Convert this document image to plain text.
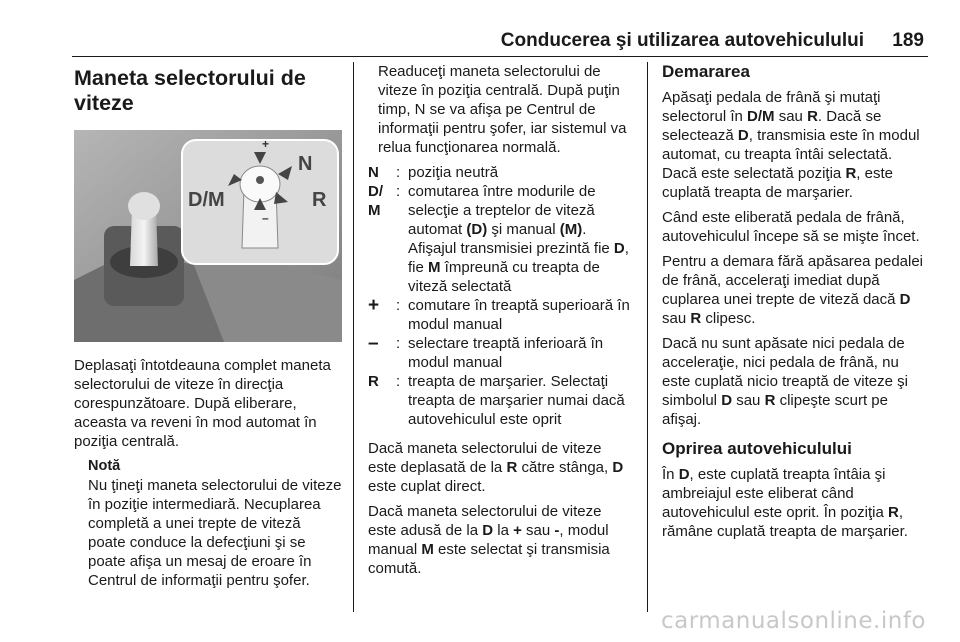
Conducerea şi utilizarea autovehiculului 189
Maneta selectorului de viteze
+
–
D/M
N
R

Deplasaţi întotdeauna complet maneta selectorului de viteze în direcţia corespunzătoare. După eliberare, aceasta va reveni în mod automat în poziţia centrală.

Notă

Nu ţineţi maneta selectorului de viteze în poziţie intermediară. Necuplarea completă a unei trepte de viteză poate conduce la defecţiuni şi se poate afişa un mesaj de eroare în Centrul de informaţii pentru şofer.

Readuceţi maneta selectorului de viteze în poziţia centrală. După puţin timp, N se va afişa pe Centrul de informaţii pentru şofer, iar sistemul va relua funcţionarea normală.

N	: poziţia neutră
D/
M
: comutarea între modurile de selecţie a treptelor de viteză automat (D) şi manual (M). Afişajul transmisiei prezintă fie D, fie M împreună cu treapta de viteză selectată
+	: comutare în treaptă superioară în modul manual
–	: selectare treaptă inferioară în modul manual
R	: treapta de marşarier. Selectaţi treapta de marşarier numai dacă autovehiculul este oprit

Dacă maneta selectorului de viteze este deplasată de la R către stânga, D este cuplat direct.

Dacă maneta selectorului de viteze este adusă de la D la + sau -, modul manual M este selectat şi transmisia comută.

Demararea

Apăsaţi pedala de frână şi mutaţi selectorul în D/M sau R. Dacă se selectează D, transmisia este în modul automat, cu treapta întâi selectată. Dacă este selectată poziţia R, este cuplată treapta de marşarier.

Când este eliberată pedala de frână, autovehiculul începe să se mişte încet.

Pentru a demara fără apăsarea pedalei de frână, acceleraţi imediat după cuplarea unei trepte de viteză dacă D sau R clipesc.

Dacă nu sunt apăsate nici pedala de acceleraţie, nici pedala de frână, nu este cuplată nicio treaptă de viteze şi simbolul D sau R clipeşte scurt pe afişaj.

Oprirea autovehiculului

În D, este cuplată treapta întâia şi ambreiajul este eliberat când autovehiculul este oprit. În poziţia R, rămâne cuplată treapta de marşarier.

carmanualsonline.info
